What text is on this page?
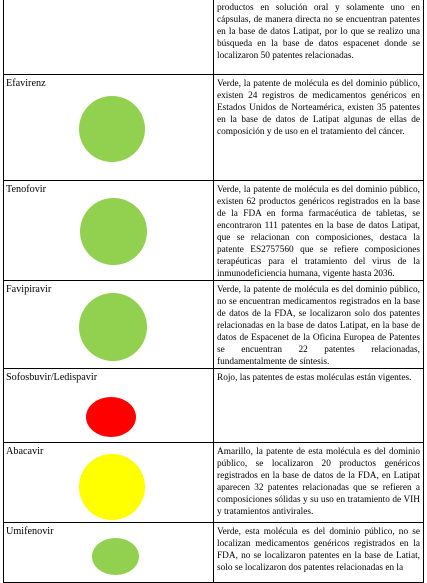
	productos en solución oral y solamente uno en cápsulas, de manera directa no se encuentran patentes en la base de datos Latipat, por lo que se realizo una búsqueda en la base de datos espacenet donde se localizaron 50 patentes relacionadas.

Efavirenz	Verde, la patente de molécula es del dominio público, existen 24 registros de medicamentos genéricos en Estados Unidos de Norteamérica, existen 35 patentes en la base de datos de Latipat algunas de ellas de composición y de uso en el tratamiento del cáncer.

Tenofovir	Verde, la patente de molécula es del dominio público, existen 62 productos genéricos registrados en la base de la FDA en forma farmacéutica de tabletas, se encontraron 111 patentes en la base de datos Latipat, que se relacionan con composiciones, destaca la patente ES2757560 que se refiere composiciones terapéuticas para el tratamiento del virus de la inmunodeficiencia humana, vigente hasta 2036.

Favipiravir	Verde, la patente de molécula es del dominio público, no se encuentran medicamentos registrados en la base de datos de la FDA, se localizaron solo dos patentes relacionadas en la base de datos Latipat, en la base de datos de Espacenet de la Oficina Europea de Patentes se encuentran 22 patentes relacionadas, fundamentalmente de síntesis.

Sofosbuvir/Ledispavir	Rojo, las patentes de estas moléculas están vigentes.

Abacavir	Amarillo, la patente de esta molécula es del dominio público, se localizaron 20 productos genéricos registrados en la base de datos de la FDA, en Latipat aparecen 32 patentes relacionadas que se refieren a composiciones sólidas y su uso en tratamiento de VIH y tratamientos antivirales.

Umifenovir	Verde, esta molécula es del dominio público, no se localizan medicamentos genéricos registrados en la FDA, no se localizaron patentes en la base de Latiat, solo se localizaron dos patentes relacionadas en la
